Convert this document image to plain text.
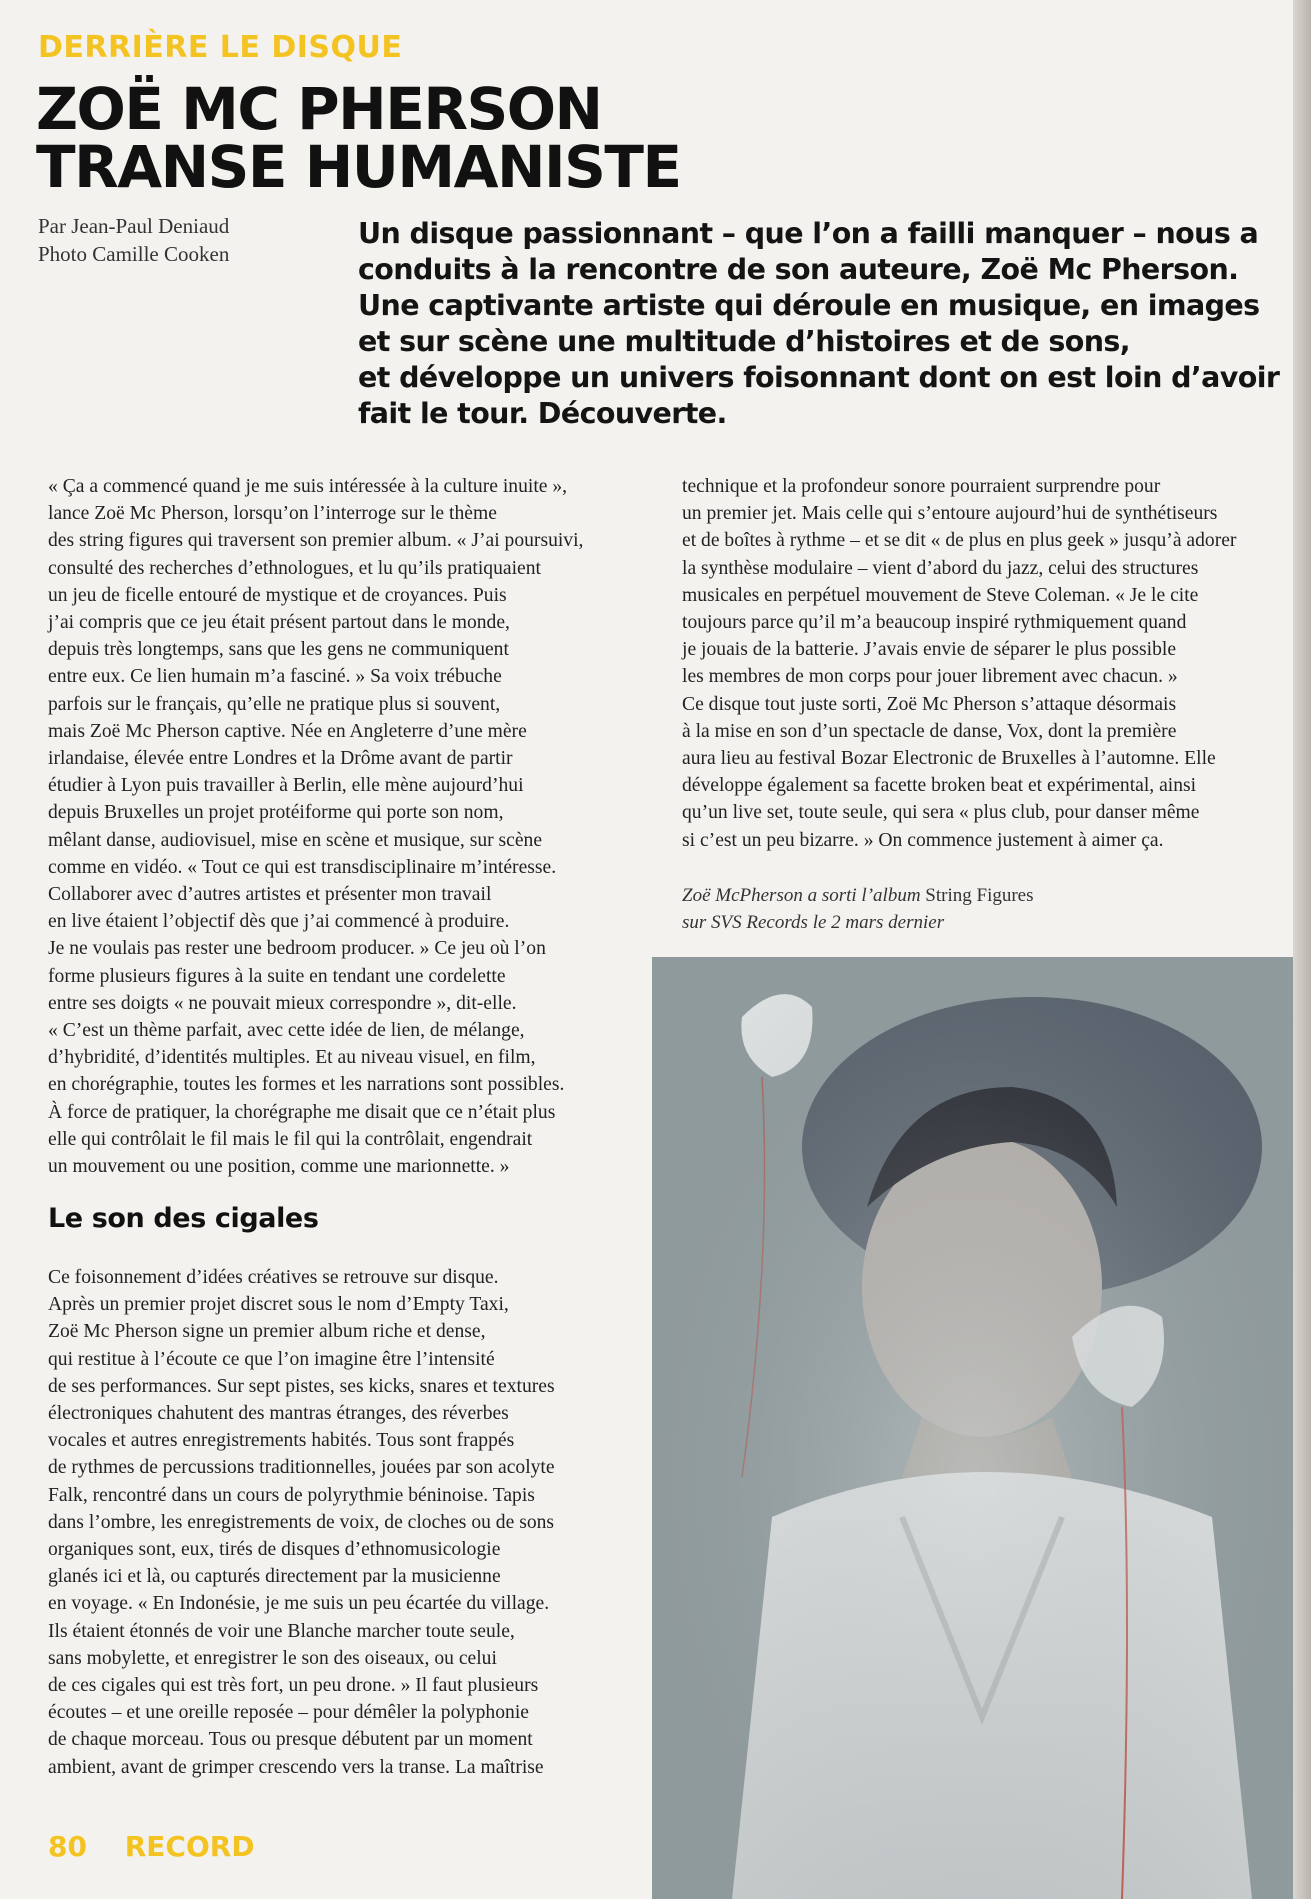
DERRIÈRE LE DISQUE
ZOË MC PHERSON
TRANSE HUMANISTE
Par Jean-Paul Deniaud
Photo Camille Cooken

Un disque passionnant – que l’on a failli manquer – nous a
conduits à la rencontre de son auteure, Zoë Mc Pherson.
Une captivante artiste qui déroule en musique, en images
et sur scène une multitude d’histoires et de sons,
et développe un univers foisonnant dont on est loin d’avoir
fait le tour. Découverte.

« Ça a commencé quand je me suis intéressée à la culture inuite »,
lance Zoë Mc Pherson, lorsqu’on l’interroge sur le thème
des string figures qui traversent son premier album. « J’ai poursuivi,
consulté des recherches d’ethnologues, et lu qu’ils pratiquaient
un jeu de ficelle entouré de mystique et de croyances. Puis
j’ai compris que ce jeu était présent partout dans le monde,
depuis très longtemps, sans que les gens ne communiquent
entre eux. Ce lien humain m’a fasciné. » Sa voix trébuche
parfois sur le français, qu’elle ne pratique plus si souvent,
mais Zoë Mc Pherson captive. Née en Angleterre d’une mère
irlandaise, élevée entre Londres et la Drôme avant de partir
étudier à Lyon puis travailler à Berlin, elle mène aujourd’hui
depuis Bruxelles un projet protéiforme qui porte son nom,
mêlant danse, audiovisuel, mise en scène et musique, sur scène
comme en vidéo. « Tout ce qui est transdisciplinaire m’intéresse.
Collaborer avec d’autres artistes et présenter mon travail
en live étaient l’objectif dès que j’ai commencé à produire.
Je ne voulais pas rester une bedroom producer. » Ce jeu où l’on
forme plusieurs figures à la suite en tendant une cordelette
entre ses doigts « ne pouvait mieux correspondre », dit-elle.
« C’est un thème parfait, avec cette idée de lien, de mélange,
d’hybridité, d’identités multiples. Et au niveau visuel, en film,
en chorégraphie, toutes les formes et les narrations sont possibles.
À force de pratiquer, la chorégraphe me disait que ce n’était plus
elle qui contrôlait le fil mais le fil qui la contrôlait, engendrait
un mouvement ou une position, comme une marionnette. »
Le son des cigales
Ce foisonnement d’idées créatives se retrouve sur disque.
Après un premier projet discret sous le nom d’Empty Taxi,
Zoë Mc Pherson signe un premier album riche et dense,
qui restitue à l’écoute ce que l’on imagine être l’intensité
de ses performances. Sur sept pistes, ses kicks, snares et textures
électroniques chahutent des mantras étranges, des réverbes
vocales et autres enregistrements habités. Tous sont frappés
de rythmes de percussions traditionnelles, jouées par son acolyte
Falk, rencontré dans un cours de polyrythmie béninoise. Tapis
dans l’ombre, les enregistrements de voix, de cloches ou de sons
organiques sont, eux, tirés de disques d’ethnomusicologie
glanés ici et là, ou capturés directement par la musicienne
en voyage. « En Indonésie, je me suis un peu écartée du village.
Ils étaient étonnés de voir une Blanche marcher toute seule,
sans mobylette, et enregistrer le son des oiseaux, ou celui
de ces cigales qui est très fort, un peu drone. » Il faut plusieurs
écoutes – et une oreille reposée – pour démêler la polyphonie
de chaque morceau. Tous ou presque débutent par un moment
ambient, avant de grimper crescendo vers la transe. La maîtrise
technique et la profondeur sonore pourraient surprendre pour
un premier jet. Mais celle qui s’entoure aujourd’hui de synthétiseurs
et de boîtes à rythme – et se dit « de plus en plus geek » jusqu’à adorer
la synthèse modulaire – vient d’abord du jazz, celui des structures
musicales en perpétuel mouvement de Steve Coleman. « Je le cite
toujours parce qu’il m’a beaucoup inspiré rythmiquement quand
je jouais de la batterie. J’avais envie de séparer le plus possible
les membres de mon corps pour jouer librement avec chacun. »
Ce disque tout juste sorti, Zoë Mc Pherson s’attaque désormais
à la mise en son d’un spectacle de danse, Vox, dont la première
aura lieu au festival Bozar Electronic de Bruxelles à l’automne. Elle
développe également sa facette broken beat et expérimental, ainsi
qu’un live set, toute seule, qui sera « plus club, pour danser même
si c’est un peu bizarre. » On commence justement à aimer ça.
Zoë McPherson a sorti l’album String Figures
sur SVS Records le 2 mars dernier
80 RECORD
